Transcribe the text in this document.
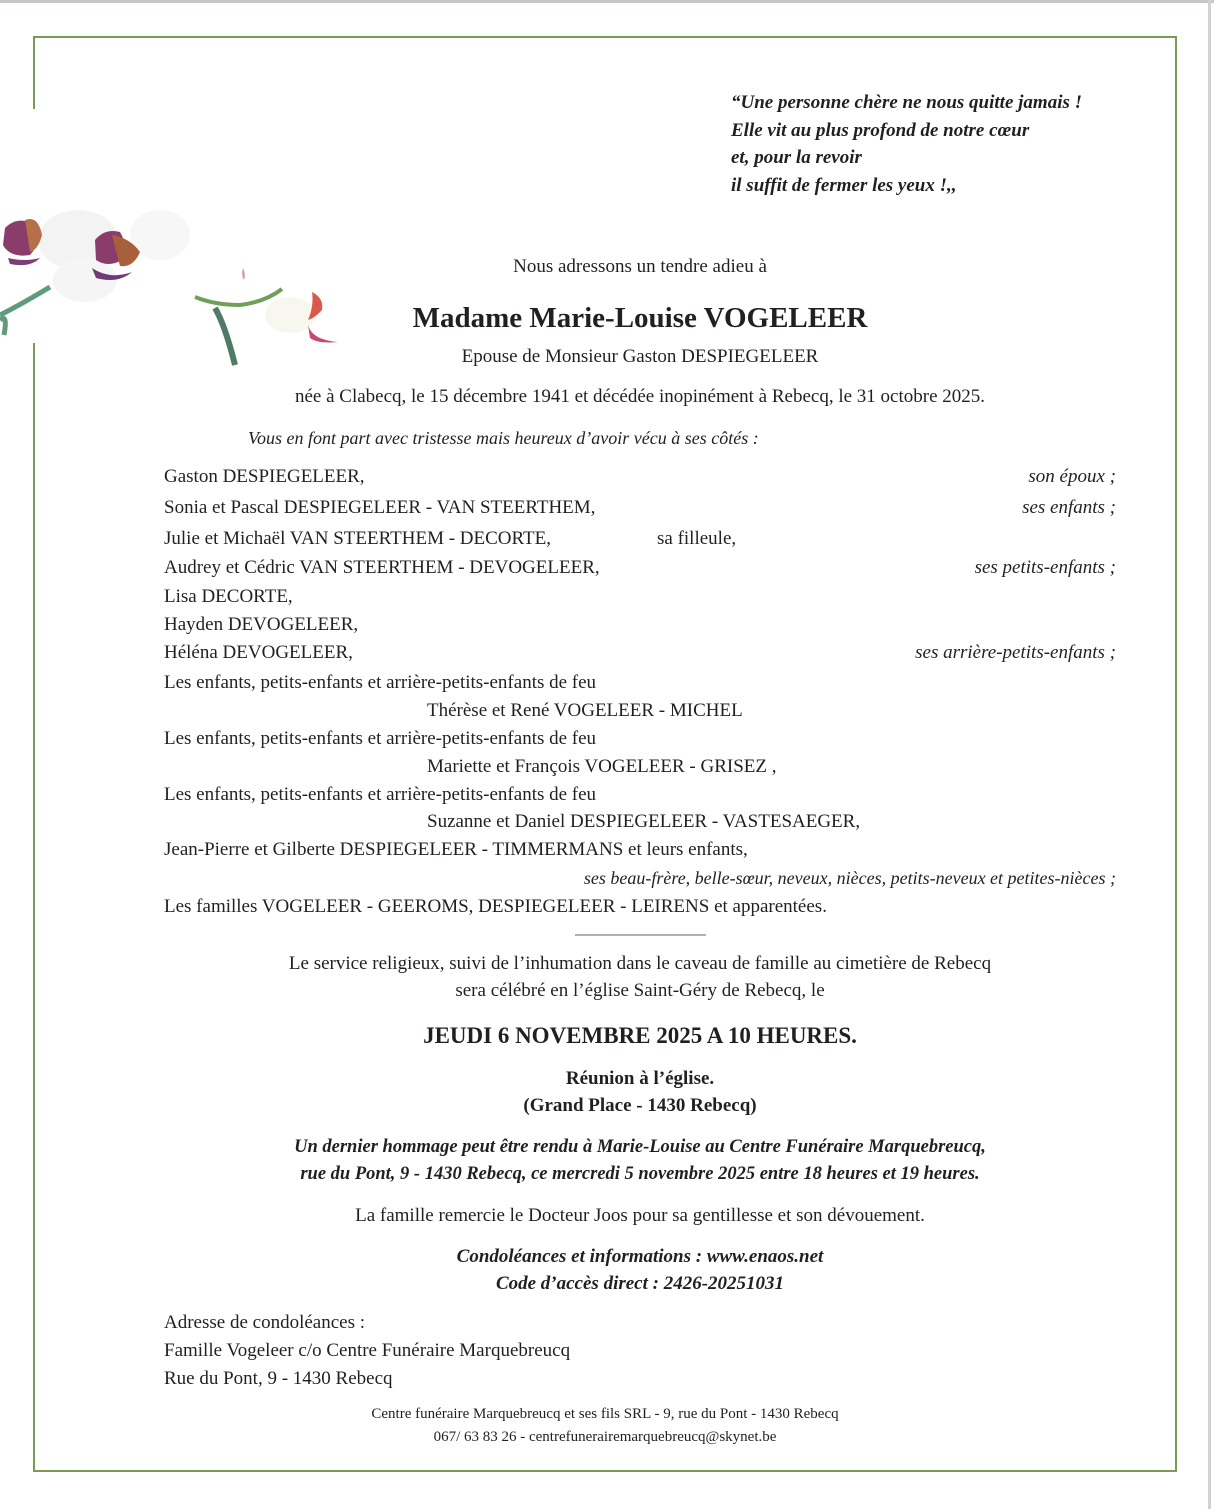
“Une personne chère ne nous quitte jamais !
Elle vit au plus profond de notre cœur
et, pour la revoir
il suffit de fermer les yeux !,,
Nous adressons un tendre adieu à
Madame Marie-Louise VOGELEER
Epouse de Monsieur Gaston DESPIEGELEER
née à Clabecq, le 15 décembre 1941 et décédée inopinément à Rebecq, le 31 octobre 2025.
Vous en font part avec tristesse mais heureux d’avoir vécu à ses côtés :
Gaston DESPIEGELEER,	son époux ;
Sonia et Pascal DESPIEGELEER - VAN STEERTHEM,	ses enfants ;
Julie et Michaël VAN STEERTHEM - DECORTE,	sa filleule,
Audrey et Cédric VAN STEERTHEM - DEVOGELEER,	ses petits-enfants ;
Lisa DECORTE,
Hayden DEVOGELEER,
Héléna DEVOGELEER,	ses arrière-petits-enfants ;
Les enfants, petits-enfants et arrière-petits-enfants de feu
Thérèse et René VOGELEER - MICHEL
Les enfants, petits-enfants et arrière-petits-enfants de feu
Mariette et François VOGELEER - GRISEZ ,
Les enfants, petits-enfants et arrière-petits-enfants de feu
Suzanne et Daniel DESPIEGELEER - VASTESAEGER,
Jean-Pierre et Gilberte DESPIEGELEER - TIMMERMANS et leurs enfants,
ses beau-frère, belle-sœur, neveux, nièces, petits-neveux et petites-nièces ;
Les familles VOGELEER - GEEROMS, DESPIEGELEER - LEIRENS et apparentées.
Le service religieux, suivi de l’inhumation dans le caveau de famille au cimetière de Rebecq
sera célébré en l’église Saint-Géry de Rebecq, le
JEUDI 6 NOVEMBRE 2025 A 10 HEURES.
Réunion à l’église.
(Grand Place - 1430 Rebecq)
Un dernier hommage peut être rendu à Marie-Louise au Centre Funéraire Marquebreucq,
rue du Pont, 9 - 1430 Rebecq, ce mercredi 5 novembre 2025 entre 18 heures et 19 heures.
La famille remercie le Docteur Joos pour sa gentillesse et son dévouement.
Condoléances et informations : www.enaos.net
Code d’accès direct : 2426-20251031
Adresse de condoléances :
Famille Vogeleer c/o Centre Funéraire Marquebreucq
Rue du Pont, 9 - 1430 Rebecq
Centre funéraire Marquebreucq et ses fils SRL - 9, rue du Pont - 1430 Rebecq
067/ 63 83 26 - centrefunerairemarquebreucq@skynet.be
